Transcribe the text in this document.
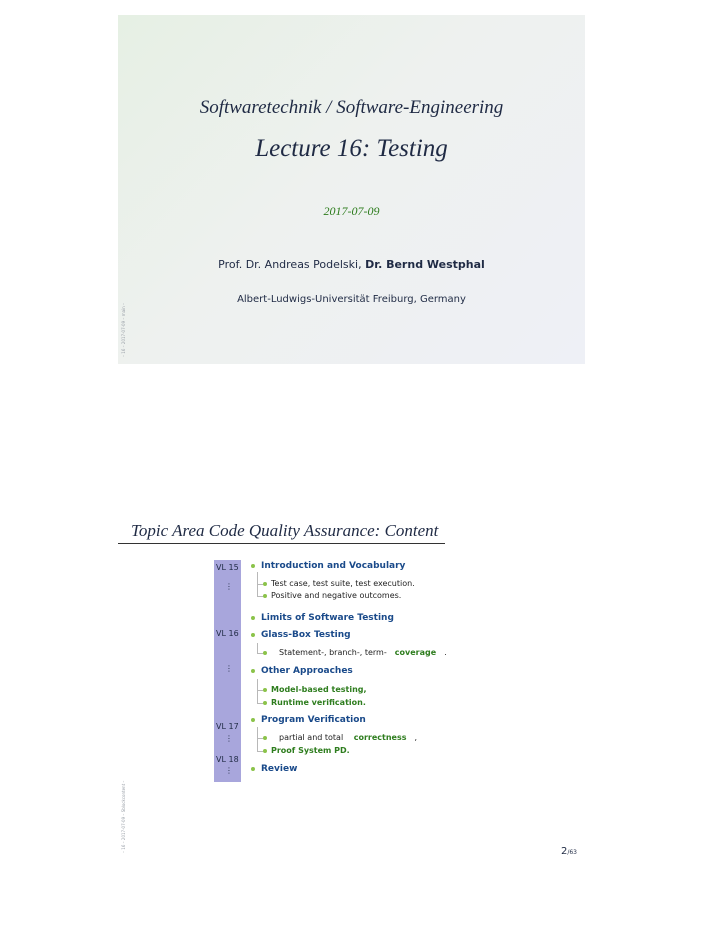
Softwaretechnik / Software-Engineering
Lecture 16: Testing
2017-07-09
Prof. Dr. Andreas Podelski, Dr. Bernd Westphal
Albert-Ludwigs-Universität Freiburg, Germany
– 16 – 2017-07-09 – main –
Topic Area Code Quality Assurance: Content
VL 15
⋮
VL 16
⋮
VL 17
⋮
VL 18
⋮
Introduction and Vocabulary
Test case, test suite, test execution.
Positive and negative outcomes.
Limits of Software Testing
Glass-Box Testing
Statement-, branch-, term- coverage .
Other Approaches
Model-based testing,
Runtime verification.
Program Verification
partial and total correctness ,
Proof System PD.
Review
– 16 – 2017-07-09 – Sblockcontent –	2/63
